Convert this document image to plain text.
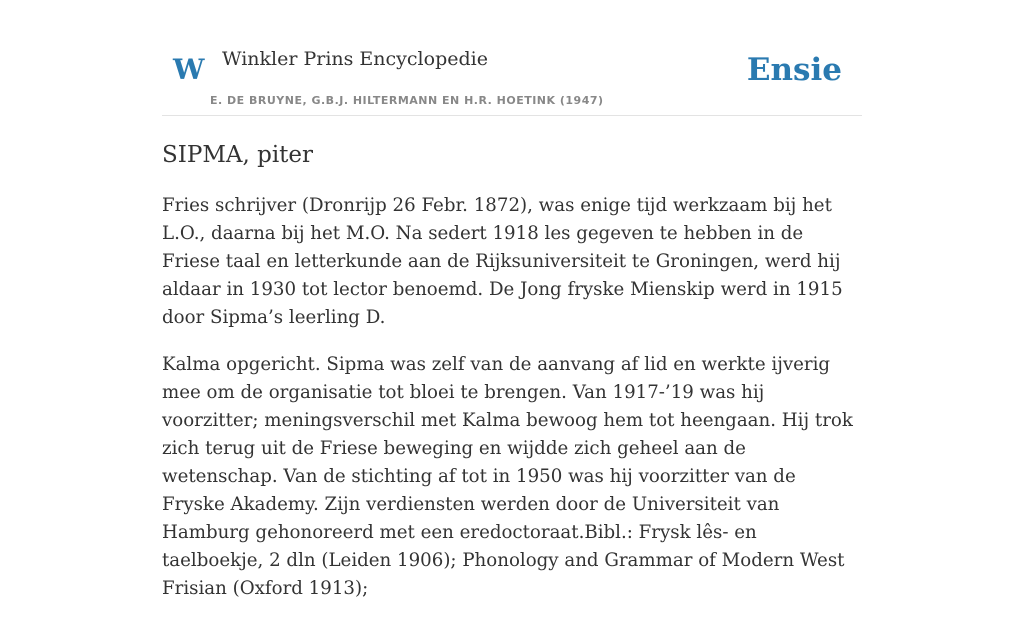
W Winkler Prins Encyclopedie
E. DE BRUYNE, G.B.J. HILTERMANN EN H.R. HOETINK (1947)
Ensie
SIPMA, piter

Fries schrijver (Dronrijp 26 Febr. 1872), was enige tijd werkzaam bij het L.O., daarna bij het M.O. Na sedert 1918 les gegeven te hebben in de Friese taal en letterkunde aan de Rijksuniversiteit te Groningen, werd hij aldaar in 1930 tot lector benoemd. De Jong fryske Mienskip werd in 1915 door Sipma’s leerling D.

Kalma opgericht. Sipma was zelf van de aanvang af lid en werkte ijverig mee om de organisatie tot bloei te brengen. Van 1917-’19 was hij voorzitter; meningsverschil met Kalma bewoog hem tot heengaan. Hij trok zich terug uit de Friese beweging en wijdde zich geheel aan de wetenschap. Van de stichting af tot in 1950 was hij voorzitter van de Fryske Akademy. Zijn verdiensten werden door de Universiteit van Hamburg gehonoreerd met een eredoctoraat.Bibl.: Frysk lês- en taelboekje, 2 dln (Leiden 1906); Phonology and Grammar of Modern West Frisian (Oxford 1913);
